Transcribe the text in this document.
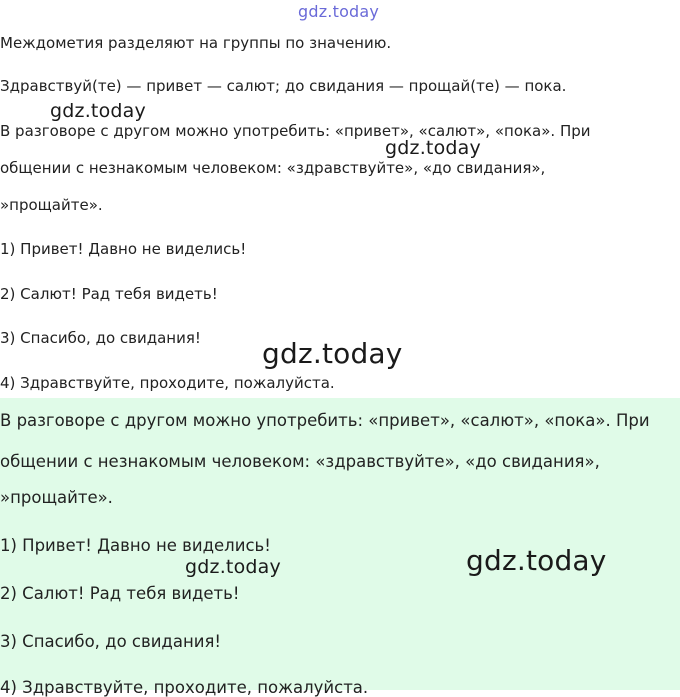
Междометия разделяют на группы по значению.
Здравствуй(те) — привет — салют; до свидания — прощай(те) — пока.
В разговоре с другом можно употребить: «привет», «салют», «пока». При
общении с незнакомым человеком: «здравствуйте», «до свидания»,
»прощайте».
1) Привет! Давно не виделись!
2) Салют! Рад тебя видеть!
3) Спасибо, до свидания!
4) Здравствуйте, проходите, пожалуйста.
В разговоре с другом можно употребить: «привет», «салют», «пока». При
общении с незнакомым человеком: «здравствуйте», «до свидания»,
»прощайте».
1) Привет! Давно не виделись!
2) Салют! Рад тебя видеть!
3) Спасибо, до свидания!
4) Здравствуйте, проходите, пожалуйста.
gdz.today
gdz.today
gdz.today
gdz.today
gdz.today
gdz.today
